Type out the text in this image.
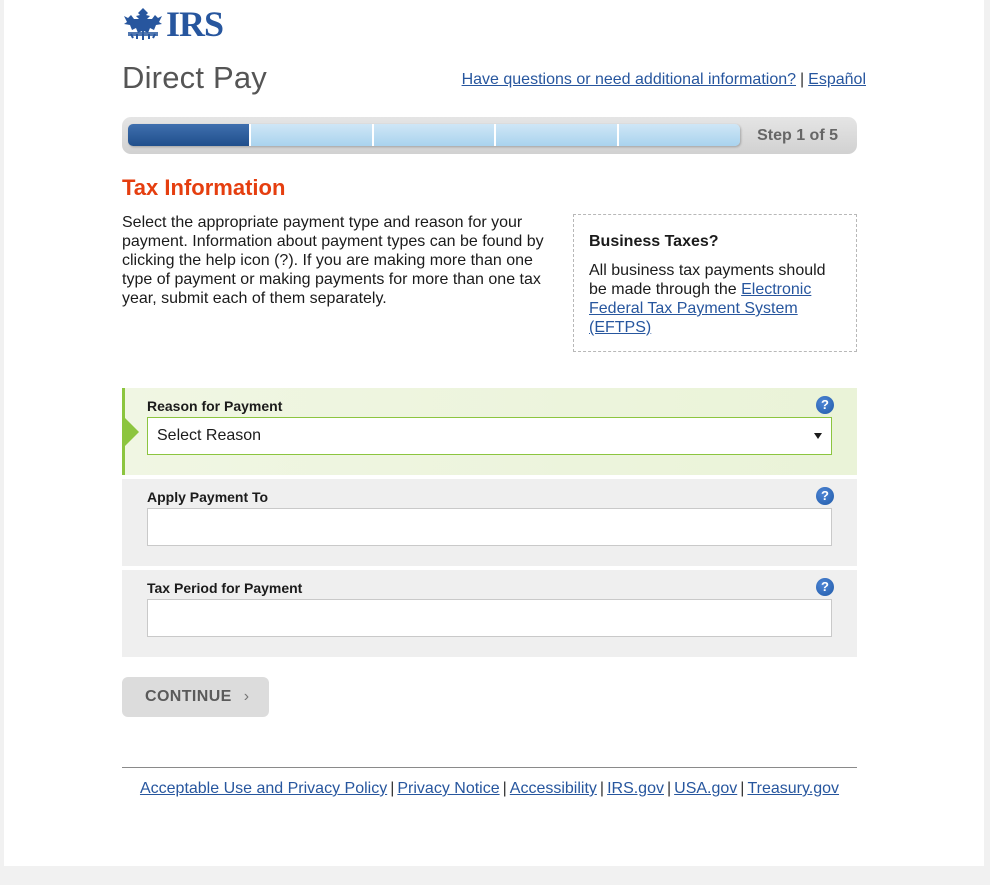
IRS
Direct Pay	Have questions or need additional information? | Español
Step 1 of 5
Tax Information

Select the appropriate payment type and reason for your payment. Information about payment types can be found by clicking the help icon (?). If you are making more than one type of payment or making payments for more than one tax year, submit each of them separately.

Business Taxes?

All business tax payments should be made through the Electronic Federal Tax Payment System (EFTPS)

Reason for Payment	?
Select Reason
Apply Payment To	?
Tax Period for Payment	?
CONTINUE ›
Acceptable Use and Privacy Policy | Privacy Notice | Accessibility | IRS.gov | USA.gov | Treasury.gov
